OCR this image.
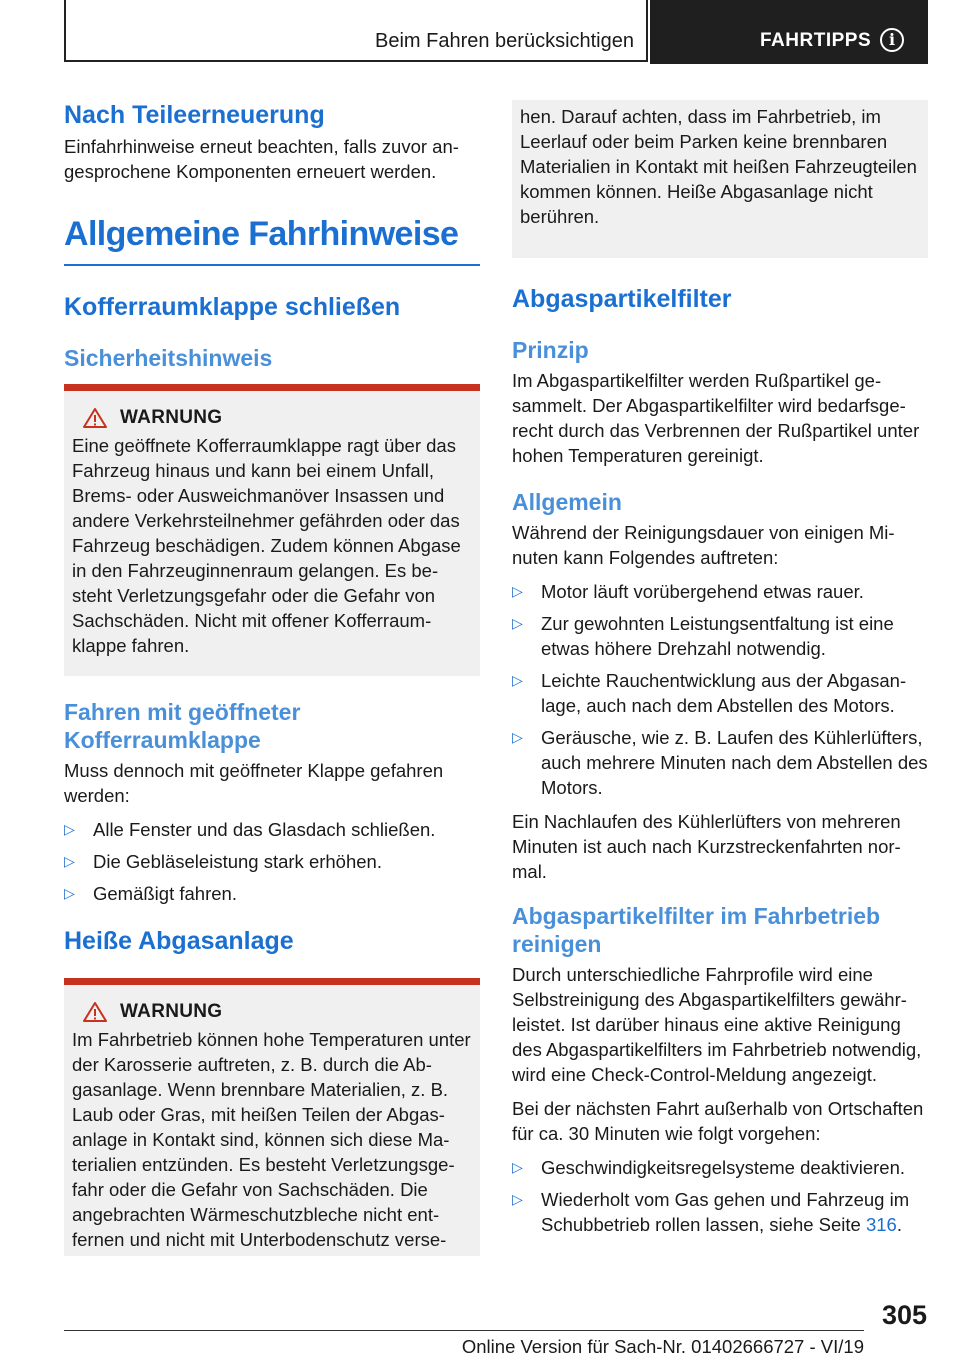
Beim Fahren berücksichtigen	FAHRTIPPS	i
Nach Teileerneuerung

Einfahrhinweise erneut beachten, falls zuvor angesprochene Komponenten erneuert werden.

Allgemeine Fahrhinweise
Kofferraumklappe schließen
Sicherheitshinweis
WARNUNG

Eine geöffnete Kofferraumklappe ragt über das Fahrzeug hinaus und kann bei einem Unfall, Brems- oder Ausweichmanöver Insassen und andere Verkehrsteilnehmer gefährden oder das Fahrzeug beschädigen. Zudem können Abgase in den Fahrzeuginnenraum gelangen. Es besteht Verletzungsgefahr oder die Gefahr von Sachschäden. Nicht mit offener Kofferraumklappe fahren.

Fahren mit geöffneter Kofferraumklappe

Muss dennoch mit geöffneter Klappe gefahren werden:

▷ Alle Fenster und das Glasdach schließen.
▷ Die Gebläseleistung stark erhöhen.
▷ Gemäßigt fahren.
Heiße Abgasanlage
WARNUNG

Im Fahrbetrieb können hohe Temperaturen unter der Karosserie auftreten, z. B. durch die Abgasanlage. Wenn brennbare Materialien, z. B. Laub oder Gras, mit heißen Teilen der Abgasanlage in Kontakt sind, können sich diese Materialien entzünden. Es besteht Verletzungsgefahr oder die Gefahr von Sachschäden. Die angebrachten Wärmeschutzbleche nicht entfernen und nicht mit Unterbodenschutz verse-

hen. Darauf achten, dass im Fahrbetrieb, im Leerlauf oder beim Parken keine brennbaren Materialien in Kontakt mit heißen Fahrzeugteilen kommen können. Heiße Abgasanlage nicht berühren.

Abgaspartikelfilter
Prinzip

Im Abgaspartikelfilter werden Rußpartikel gesammelt. Der Abgaspartikelfilter wird bedarfsgerecht durch das Verbrennen der Rußpartikel unter hohen Temperaturen gereinigt.

Allgemein

Während der Reinigungsdauer von einigen Minuten kann Folgendes auftreten:

▷ Motor läuft vorübergehend etwas rauer.
▷ Zur gewohnten Leistungsentfaltung ist eine etwas höhere Drehzahl notwendig.
▷ Leichte Rauchentwicklung aus der Abgasanlage, auch nach dem Abstellen des Motors.
▷ Geräusche, wie z. B. Laufen des Kühlerlüfters, auch mehrere Minuten nach dem Abstellen des Motors.

Ein Nachlaufen des Kühlerlüfters von mehreren Minuten ist auch nach Kurzstreckenfahrten normal.

Abgaspartikelfilter im Fahrbetrieb reinigen

Durch unterschiedliche Fahrprofile wird eine Selbstreinigung des Abgaspartikelfilters gewährleistet. Ist darüber hinaus eine aktive Reinigung des Abgaspartikelfilters im Fahrbetrieb notwendig, wird eine Check-Control-Meldung angezeigt.

Bei der nächsten Fahrt außerhalb von Ortschaften für ca. 30 Minuten wie folgt vorgehen:

▷ Geschwindigkeitsregelsysteme deaktivieren.
▷ Wiederholt vom Gas gehen und Fahrzeug im Schubbetrieb rollen lassen, siehe Seite 316.
305
Online Version für Sach-Nr. 01402666727 - VI/19
